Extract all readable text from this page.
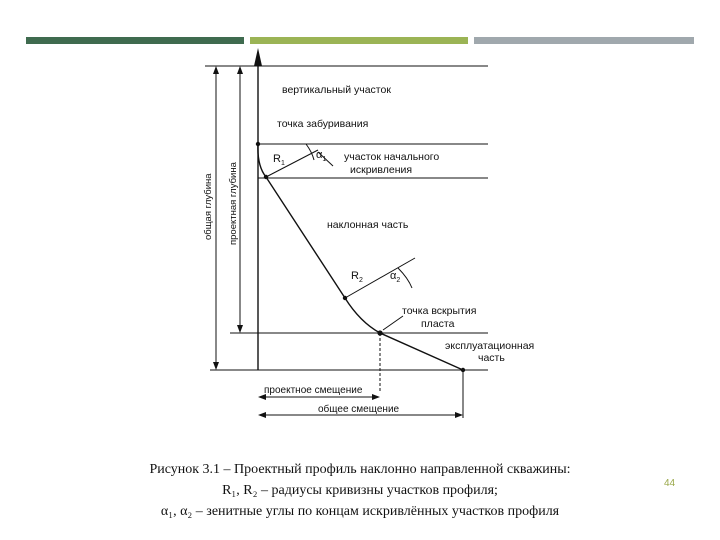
вертикальный участок
точка забуривания
$R_1$
$\alpha_1$ участок начального
искривления
наклонная часть
$R_2$ $\alpha_2$
точка вскрытия
пласта
эксплуатационная
часть
общая глубина проектная глубина
проектное смещение
общее смещение
Рисунок 3.1 – Проектный профиль наклонно направленной скважины:
R₁, R₂ – радиусы кривизны участков профиля;
α₁, α₂ – зенитные углы по концам искривлённых участков профиля
44
